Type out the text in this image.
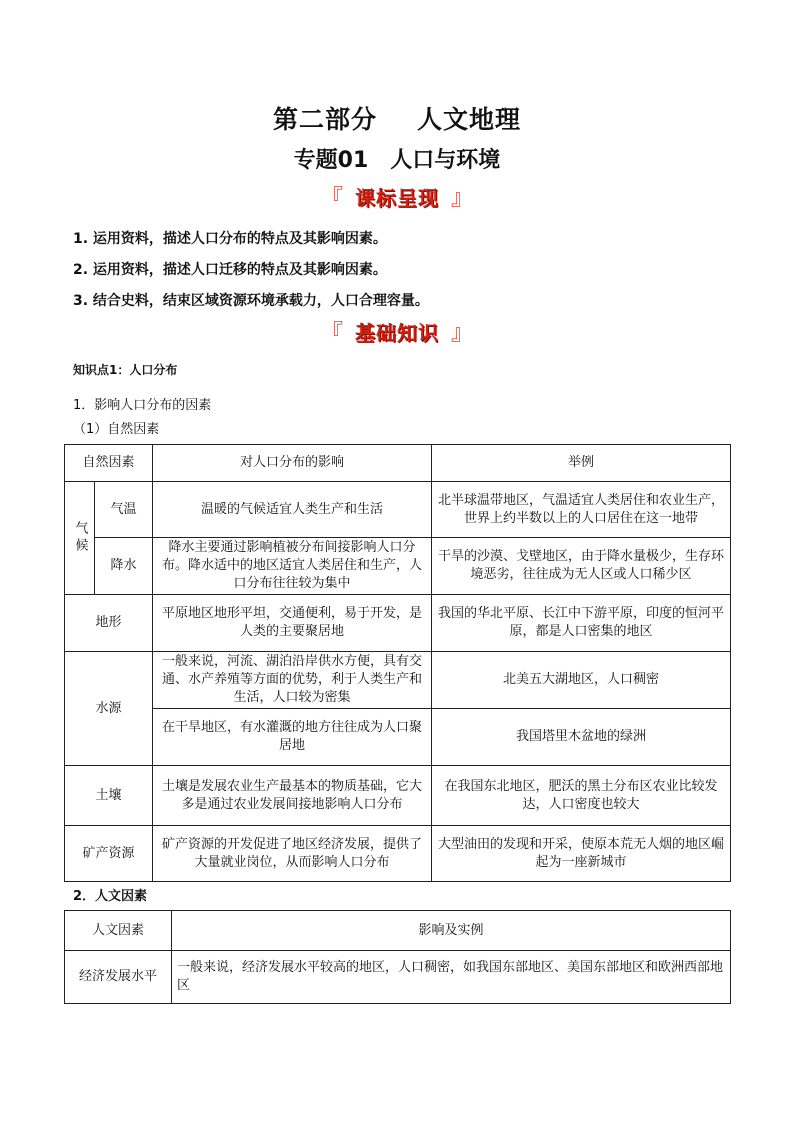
第二部分 人文地理
专题01 人口与环境
『 课标呈现 』
1. 运用资料，描述人口分布的特点及其影响因素。
2. 运用资料，描述人口迁移的特点及其影响因素。
3. 结合史料，结束区域资源环境承载力，人口合理容量。
『 基础知识 』
知识点1：人口分布
1．影响人口分布的因素
（1）自然因素
自然因素		对人口分布的影响	举例
气候	气温	温暖的气候适宜人类生产和生活	北半球温带地区，气温适宜人类居住和农业生产，世界上约半数以上的人口居住在这一地带
	降水	降水主要通过影响植被分布间接影响人口分布。降水适中的地区适宜人类居住和生产，人口分布往往较为集中	干旱的沙漠、戈壁地区，由于降水量极少，生存环境恶劣，往往成为无人区或人口稀少区
地形		平原地区地形平坦，交通便利，易于开发，是人类的主要聚居地	我国的华北平原、长江中下游平原，印度的恒河平原，都是人口密集的地区
水源		一般来说，河流、湖泊沿岸供水方便，具有交通、水产养殖等方面的优势，利于人类生产和生活，人口较为密集	北美五大湖地区，人口稠密
		在干旱地区，有水灌溉的地方往往成为人口聚居地	我国塔里木盆地的绿洲
土壤		土壤是发展农业生产最基本的物质基础，它大多是通过农业发展间接地影响人口分布	在我国东北地区，肥沃的黑土分布区农业比较发达，人口密度也较大
矿产资源		矿产资源的开发促进了地区经济发展，提供了大量就业岗位，从而影响人口分布	大型油田的发现和开采，使原本荒无人烟的地区崛起为一座新城市
2．人文因素
人文因素	影响及实例
经济发展水平	一般来说，经济发展水平较高的地区，人口稠密，如我国东部地区、美国东部地区和欧洲西部地区
